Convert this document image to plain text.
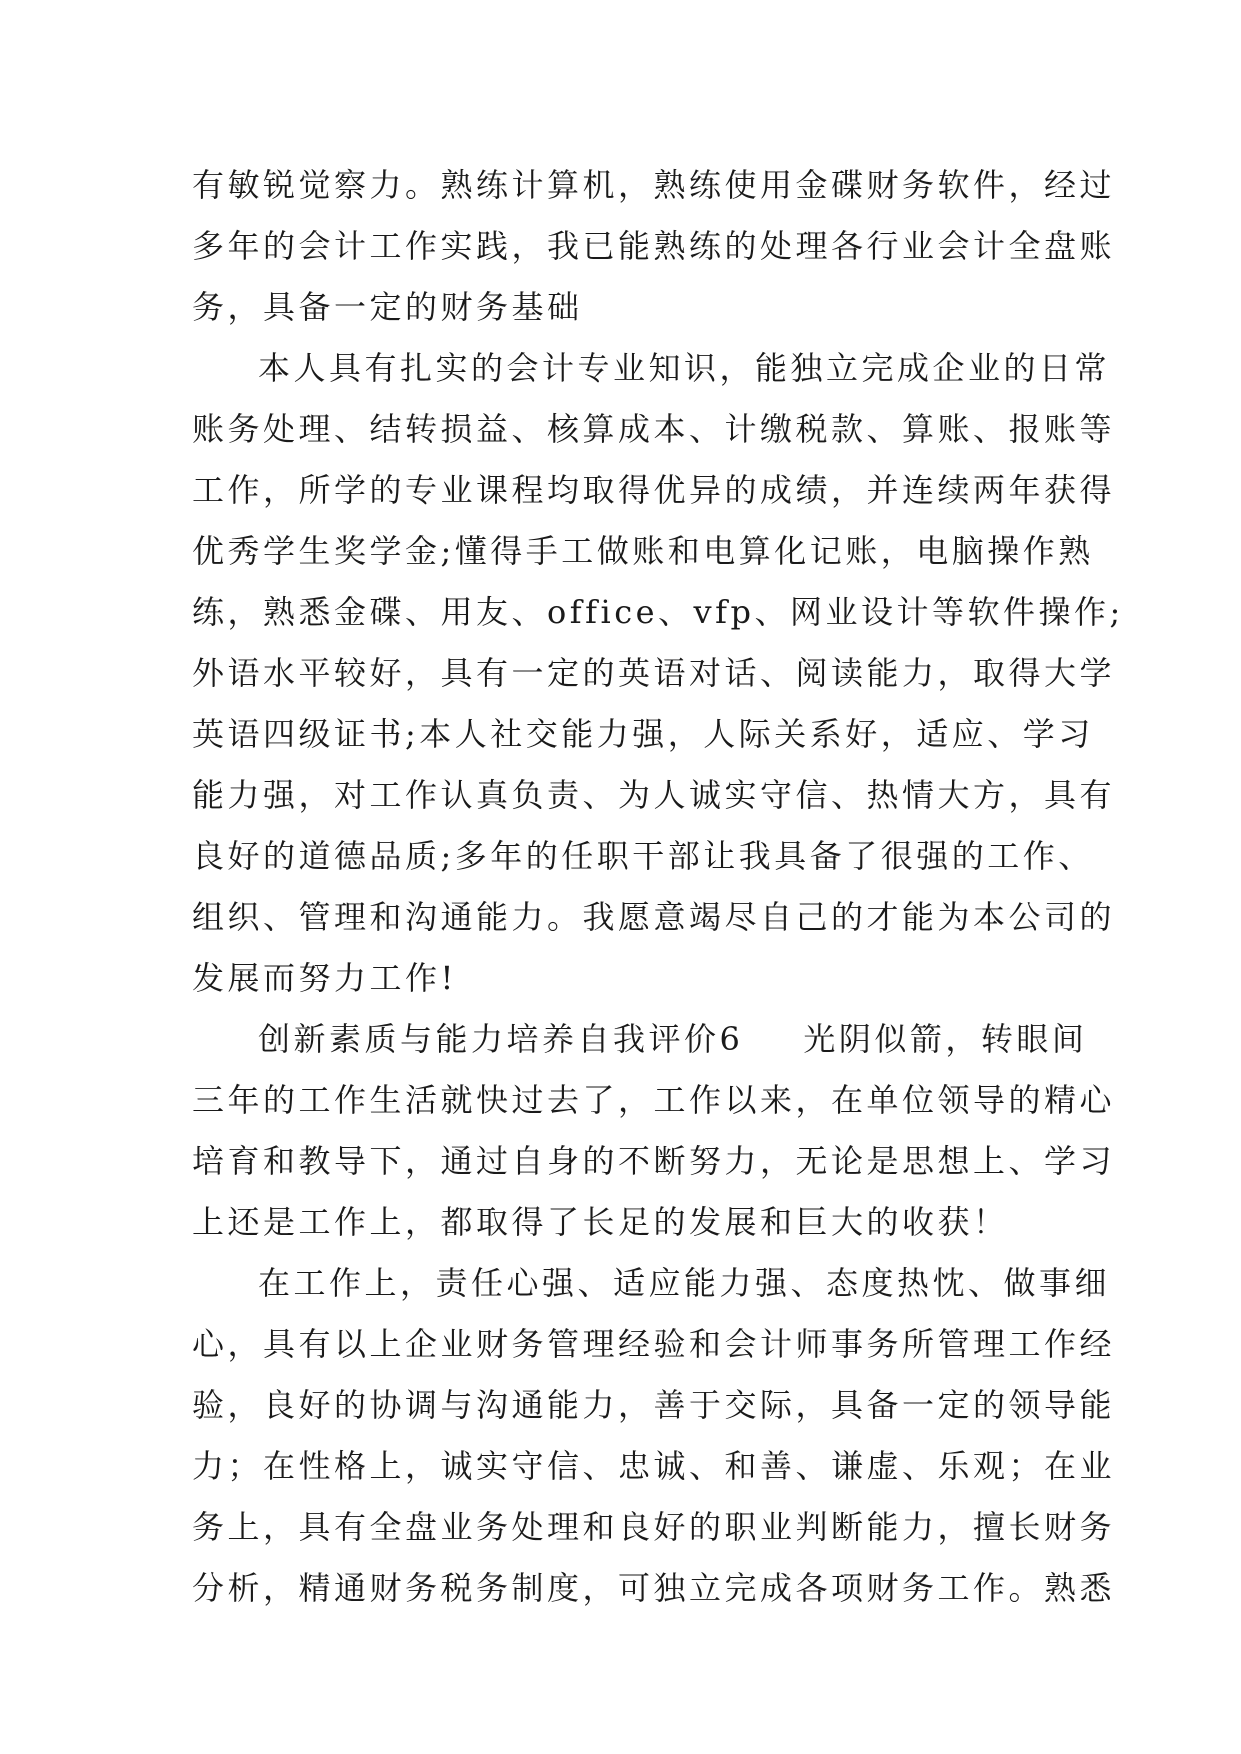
有敏锐觉察力。熟练计算机，熟练使用金碟财务软件，经过
多年的会计工作实践，我已能熟练的处理各行业会计全盘账
务，具备一定的财务基础
本人具有扎实的会计专业知识，能独立完成企业的日常
账务处理、结转损益、核算成本、计缴税款、算账、报账等
工作，所学的专业课程均取得优异的成绩，并连续两年获得
优秀学生奖学金;懂得手工做账和电算化记账，电脑操作熟
练，熟悉金碟、用友、office、vfp、网业设计等软件操作;
外语水平较好，具有一定的英语对话、阅读能力，取得大学
英语四级证书;本人社交能力强，人际关系好，适应、学习
能力强，对工作认真负责、为人诚实守信、热情大方，具有
良好的道德品质;多年的任职干部让我具备了很强的工作、
组织、管理和沟通能力。我愿意竭尽自己的才能为本公司的
发展而努力工作!
创新素质与能力培养自我评价6 光阴似箭，转眼间
三年的工作生活就快过去了，工作以来，在单位领导的精心
培育和教导下，通过自身的不断努力，无论是思想上、学习
上还是工作上，都取得了长足的发展和巨大的收获！
在工作上，责任心强、适应能力强、态度热忱、做事细
心，具有以上企业财务管理经验和会计师事务所管理工作经
验，良好的协调与沟通能力，善于交际，具备一定的领导能
力；在性格上，诚实守信、忠诚、和善、谦虚、乐观；在业
务上，具有全盘业务处理和良好的职业判断能力，擅长财务
分析，精通财务税务制度，可独立完成各项财务工作。熟悉
